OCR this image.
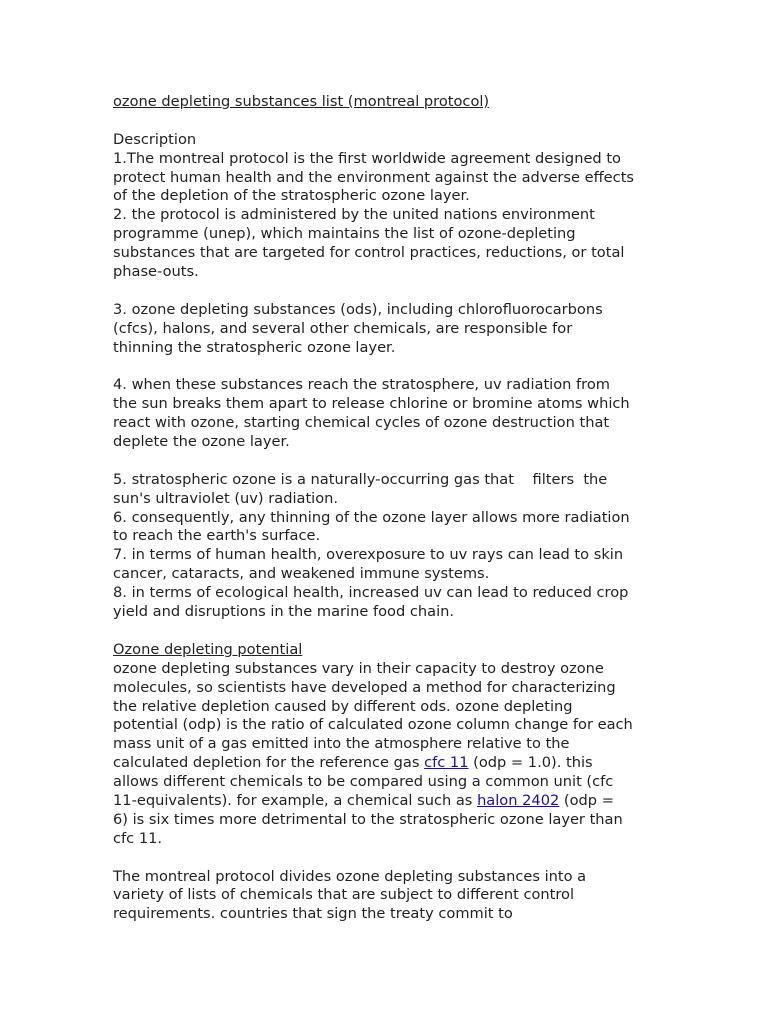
ozone depleting substances list (montreal protocol)
Description
1.The montreal protocol is the first worldwide agreement designed to
protect human health and the environment against the adverse effects
of the depletion of the stratospheric ozone layer.
2. the protocol is administered by the united nations environment
programme (unep), which maintains the list of ozone-depleting
substances that are targeted for control practices, reductions, or total
phase-outs.
3. ozone depleting substances (ods), including chlorofluorocarbons
(cfcs), halons, and several other chemicals, are responsible for
thinning the stratospheric ozone layer.
4. when these substances reach the stratosphere, uv radiation from
the sun breaks them apart to release chlorine or bromine atoms which
react with ozone, starting chemical cycles of ozone destruction that
deplete the ozone layer.
5. stratospheric ozone is a naturally-occurring gas that    filters  the
sun's ultraviolet (uv) radiation.
6. consequently, any thinning of the ozone layer allows more radiation
to reach the earth's surface.
7. in terms of human health, overexposure to uv rays can lead to skin
cancer, cataracts, and weakened immune systems.
8. in terms of ecological health, increased uv can lead to reduced crop
yield and disruptions in the marine food chain.
Ozone depleting potential
ozone depleting substances vary in their capacity to destroy ozone
molecules, so scientists have developed a method for characterizing
the relative depletion caused by different ods. ozone depleting
potential (odp) is the ratio of calculated ozone column change for each
mass unit of a gas emitted into the atmosphere relative to the
calculated depletion for the reference gas cfc 11 (odp = 1.0). this
allows different chemicals to be compared using a common unit (cfc
11-equivalents). for example, a chemical such as halon 2402 (odp =
6) is six times more detrimental to the stratospheric ozone layer than
cfc 11.
The montreal protocol divides ozone depleting substances into a
variety of lists of chemicals that are subject to different control
requirements. countries that sign the treaty commit to
